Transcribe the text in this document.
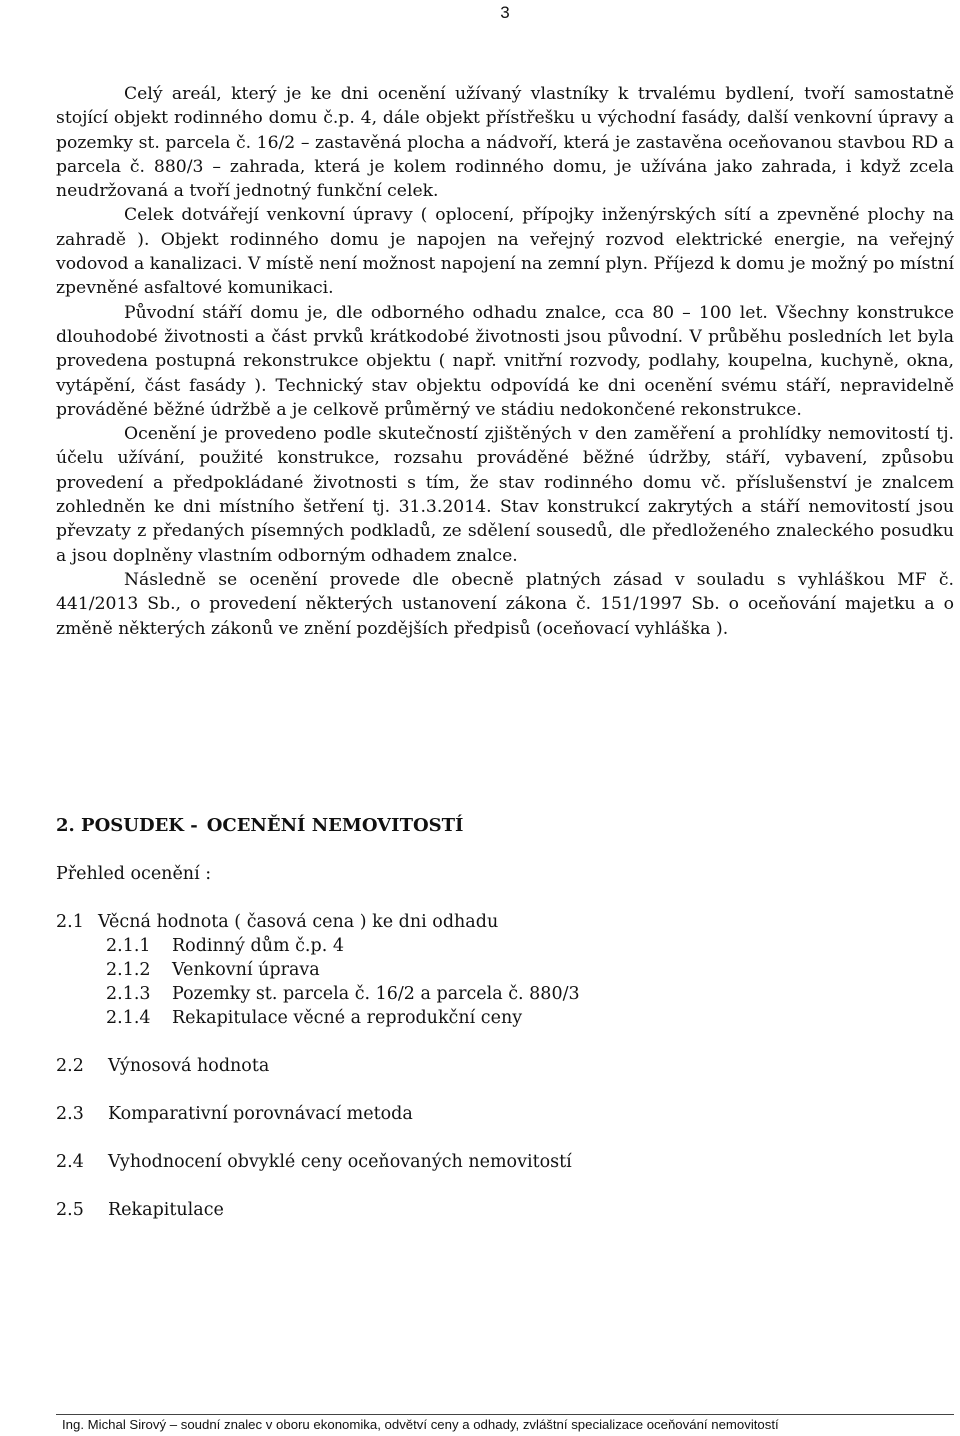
3

Celý areál, který je ke dni ocenění užívaný vlastníky k trvalému bydlení, tvoří samostatně stojící objekt rodinného domu č.p. 4, dále objekt přístřešku u východní fasády, další venkovní úpravy a pozemky st. parcela č. 16/2 – zastavěná plocha a nádvoří, která je zastavěna oceňovanou stavbou RD a parcela č. 880/3 – zahrada, která je kolem rodinného domu, je užívána jako zahrada, i když zcela neudržovaná a tvoří jednotný funkční celek.

Celek dotvářejí venkovní úpravy ( oplocení, přípojky inženýrských sítí a zpevněné plochy na zahradě ). Objekt rodinného domu je napojen na veřejný rozvod elektrické energie, na veřejný vodovod a kanalizaci. V místě není možnost napojení na zemní plyn. Příjezd k domu je možný po místní zpevněné asfaltové komunikaci.

Původní stáří domu je, dle odborného odhadu znalce, cca 80 – 100 let. Všechny konstrukce dlouhodobé životnosti a část prvků krátkodobé životnosti jsou původní. V průběhu posledních let byla provedena postupná rekonstrukce objektu ( např. vnitřní rozvody, podlahy, koupelna, kuchyně, okna, vytápění, část fasády ). Technický stav objektu odpovídá ke dni ocenění svému stáří, nepravidelně prováděné běžné údržbě a je celkově průměrný ve stádiu nedokončené rekonstrukce.

Ocenění je provedeno podle skutečností zjištěných v den zaměření a prohlídky nemovitostí tj. účelu užívání, použité konstrukce, rozsahu prováděné běžné údržby, stáří, vybavení, způsobu provedení a předpokládané životnosti s tím, že stav rodinného domu vč. příslušenství je znalcem zohledněn ke dni místního šetření tj. 31.3.2014. Stav konstrukcí zakrytých a stáří nemovitostí jsou převzaty z předaných písemných podkladů, ze sdělení sousedů, dle předloženého znaleckého posudku a jsou doplněny vlastním odborným odhadem znalce.

Následně se ocenění provede dle obecně platných zásad v souladu s vyhláškou MF č. 441/2013 Sb., o provedení některých ustanovení zákona č. 151/1997 Sb. o oceňování majetku a o změně některých zákonů ve znění pozdějších předpisů (oceňovací vyhláška ).

2. POSUDEK - OCENĚNÍ NEMOVITOSTÍ
Přehled ocenění :
2.1 Věcná hodnota ( časová cena ) ke dni odhadu
2.1.1 Rodinný dům č.p. 4
2.1.2 Venkovní úprava
2.1.3 Pozemky st. parcela č. 16/2 a parcela č. 880/3
2.1.4 Rekapitulace věcné a reprodukční ceny
2.2 Výnosová hodnota
2.3 Komparativní porovnávací metoda
2.4 Vyhodnocení obvyklé ceny oceňovaných nemovitostí
2.5 Rekapitulace
Ing. Michal Sirový – soudní znalec v oboru ekonomika, odvětví ceny a odhady, zvláštní specializace oceňování nemovitostí
